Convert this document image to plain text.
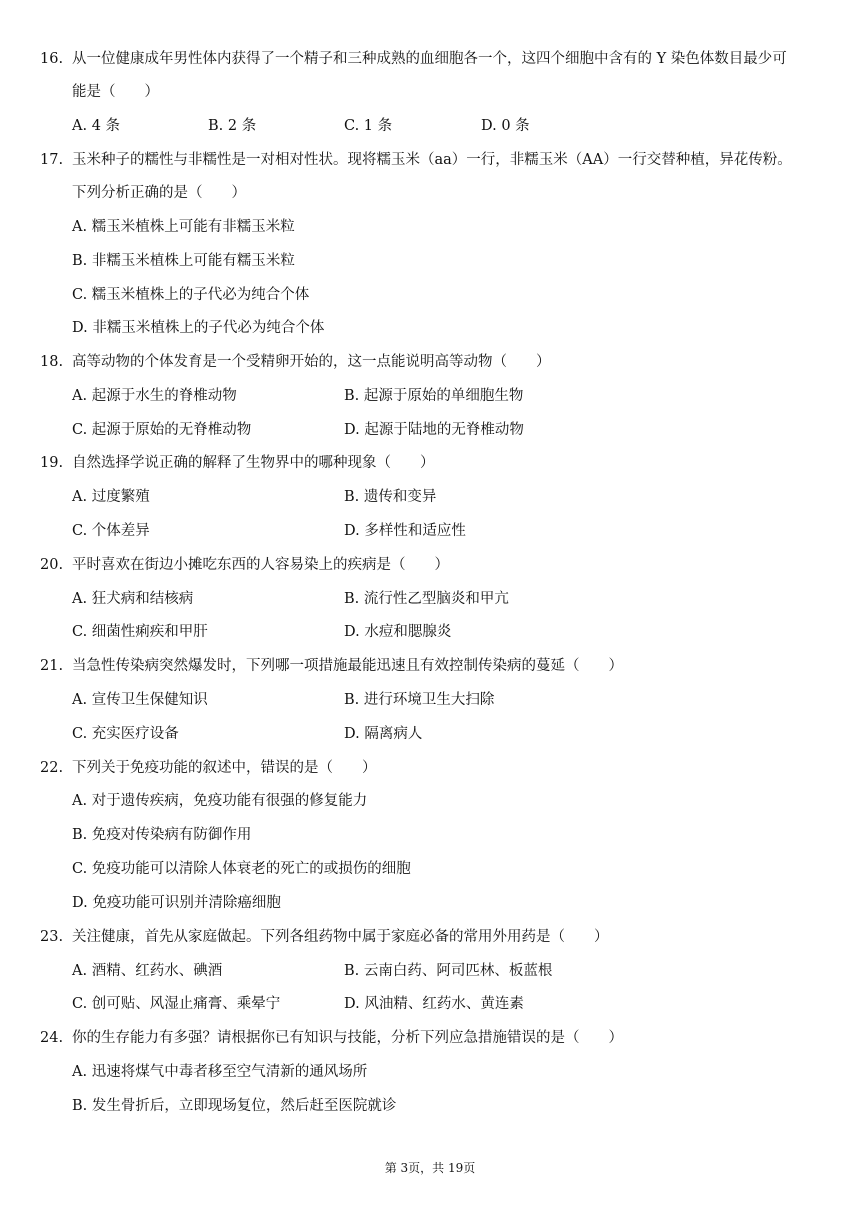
16. 从一位健康成年男性体内获得了一个精子和三种成熟的血细胞各一个，这四个细胞中含有的 Y 染色体数目最少可
能是（　　）
A. 4 条	B. 2 条	C. 1 条	D. 0 条
17. 玉米种子的糯性与非糯性是一对相对性状。现将糯玉米（aa）一行，非糯玉米（AA）一行交替种植，异花传粉。
下列分析正确的是（　　）
A. 糯玉米植株上可能有非糯玉米粒
B. 非糯玉米植株上可能有糯玉米粒
C. 糯玉米植株上的子代必为纯合个体
D. 非糯玉米植株上的子代必为纯合个体
18. 高等动物的个体发育是一个受精卵开始的，这一点能说明高等动物（　　）
A. 起源于水生的脊椎动物	B. 起源于原始的单细胞生物
C. 起源于原始的无脊椎动物	D. 起源于陆地的无脊椎动物
19. 自然选择学说正确的解释了生物界中的哪种现象（　　）
A. 过度繁殖	B. 遗传和变异
C. 个体差异	D. 多样性和适应性
20. 平时喜欢在街边小摊吃东西的人容易染上的疾病是（　　）
A. 狂犬病和结核病	B. 流行性乙型脑炎和甲亢
C. 细菌性痢疾和甲肝	D. 水痘和腮腺炎
21. 当急性传染病突然爆发时，下列哪一项措施最能迅速且有效控制传染病的蔓延（　　）
A. 宣传卫生保健知识	B. 进行环境卫生大扫除
C. 充实医疗设备	D. 隔离病人
22. 下列关于免疫功能的叙述中，错误的是（　　）
A. 对于遗传疾病，免疫功能有很强的修复能力
B. 免疫对传染病有防御作用
C. 免疫功能可以清除人体衰老的死亡的或损伤的细胞
D. 免疫功能可识别并清除癌细胞
23. 关注健康，首先从家庭做起。下列各组药物中属于家庭必备的常用外用药是（　　）
A. 酒精、红药水、碘酒	B. 云南白药、阿司匹林、板蓝根
C. 创可贴、风湿止痛膏、乘晕宁	D. 风油精、红药水、黄连素
24. 你的生存能力有多强？请根据你已有知识与技能，分析下列应急措施错误的是（　　）
A. 迅速将煤气中毒者移至空气清新的通风场所
B. 发生骨折后，立即现场复位，然后赶至医院就诊
第 3页，共 19页
